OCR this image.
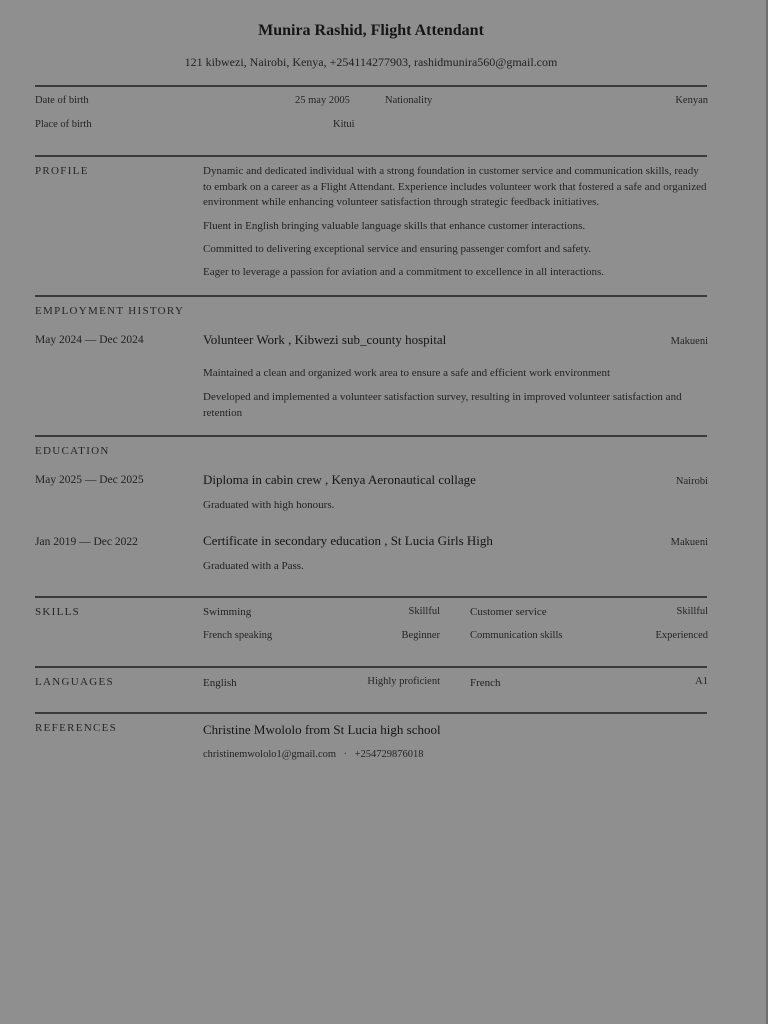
Munira Rashid, Flight Attendant
121 kibwezi, Nairobi, Kenya, +254114277903, rashidmunira560@gmail.com
Date of birth	25 may 2005	Nationality	Kenyan
Place of birth	Kitui
PROFILE	Dynamic and dedicated individual with a strong foundation in customer service and communication skills, ready to embark on a career as a Flight Attendant. Experience includes volunteer work that fostered a safe and organized environment while enhancing volunteer satisfaction through strategic feedback initiatives.
Fluent in English bringing valuable language skills that enhance customer interactions.
Committed to delivering exceptional service and ensuring passenger comfort and safety.
Eager to leverage a passion for aviation and a commitment to excellence in all interactions.
EMPLOYMENT HISTORY
May 2024 — Dec 2024	Volunteer Work , Kibwezi sub_county hospital	Makueni
Maintained a clean and organized work area to ensure a safe and efficient work environment
Developed and implemented a volunteer satisfaction survey, resulting in improved volunteer satisfaction and retention
EDUCATION
May 2025 — Dec 2025	Diploma in cabin crew , Kenya Aeronautical collage	Nairobi
Graduated with high honours.
Jan 2019 — Dec 2022	Certificate in secondary education , St Lucia Girls High	Makueni
Graduated with a Pass.
SKILLS	Swimming	Skillful	Customer service	Skillful
French speaking	Beginner	Communication skills	Experienced
LANGUAGES	English	Highly proficient	French	A1
REFERENCES	Christine Mwololo from St Lucia high school
christinemwololo1@gmail.com · +254729876018
